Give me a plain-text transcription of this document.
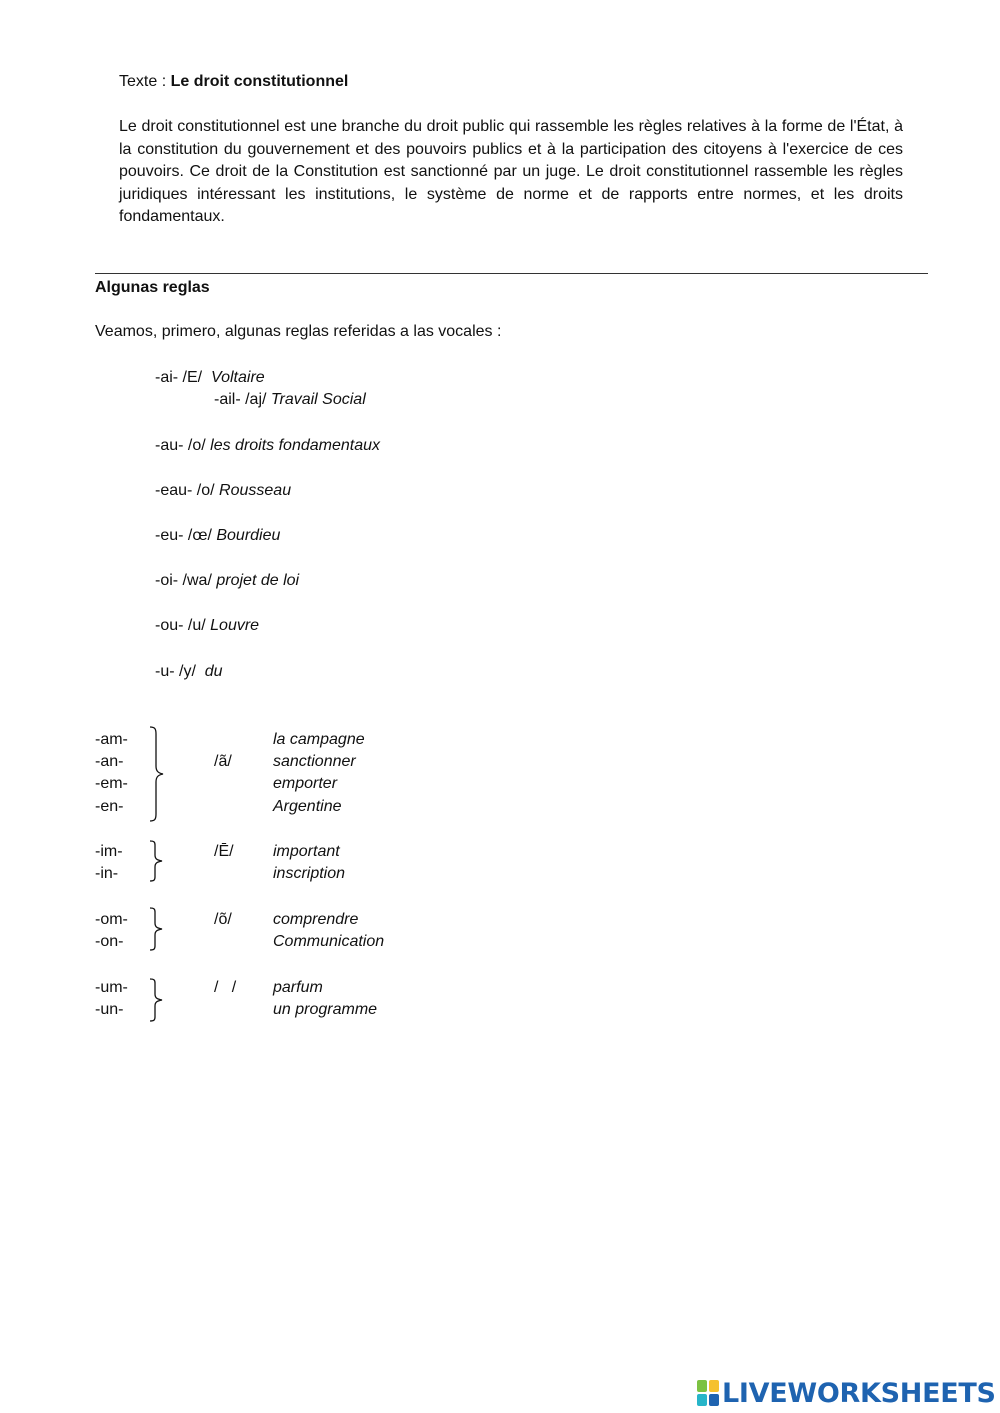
Texte : Le droit constitutionnel
Le droit constitutionnel est une branche du droit public qui rassemble les règles relatives à la forme de l'État, à la constitution du gouvernement et des pouvoirs publics et à la participation des citoyens à l'exercice de ces pouvoirs. Ce droit de la Constitution est sanctionné par un juge. Le droit constitutionnel rassemble les règles juridiques intéressant les institutions, le système de norme et de rapports entre normes, et les droits fondamentaux.
Algunas reglas
Veamos, primero, algunas reglas referidas a las vocales :
-ai- /E/ Voltaire
-ail- /aj/ Travail Social
-au- /o/ les droits fondamentaux
-eau- /o/ Rousseau
-eu- /œ/ Bourdieu
-oi- /wa/ projet de loi
-ou- /u/ Louvre
-u- /y/ du
-am-
-an-
-em-
-en-
/ã/
la campagne
sanctionner
emporter
Argentine
-im-
-in-
/Ē/ important
inscription
-om-
-on-
/õ/	comprendre
Communication
-um-
-un-
/   / parfum
un programme
LIVEWORKSHEETS
